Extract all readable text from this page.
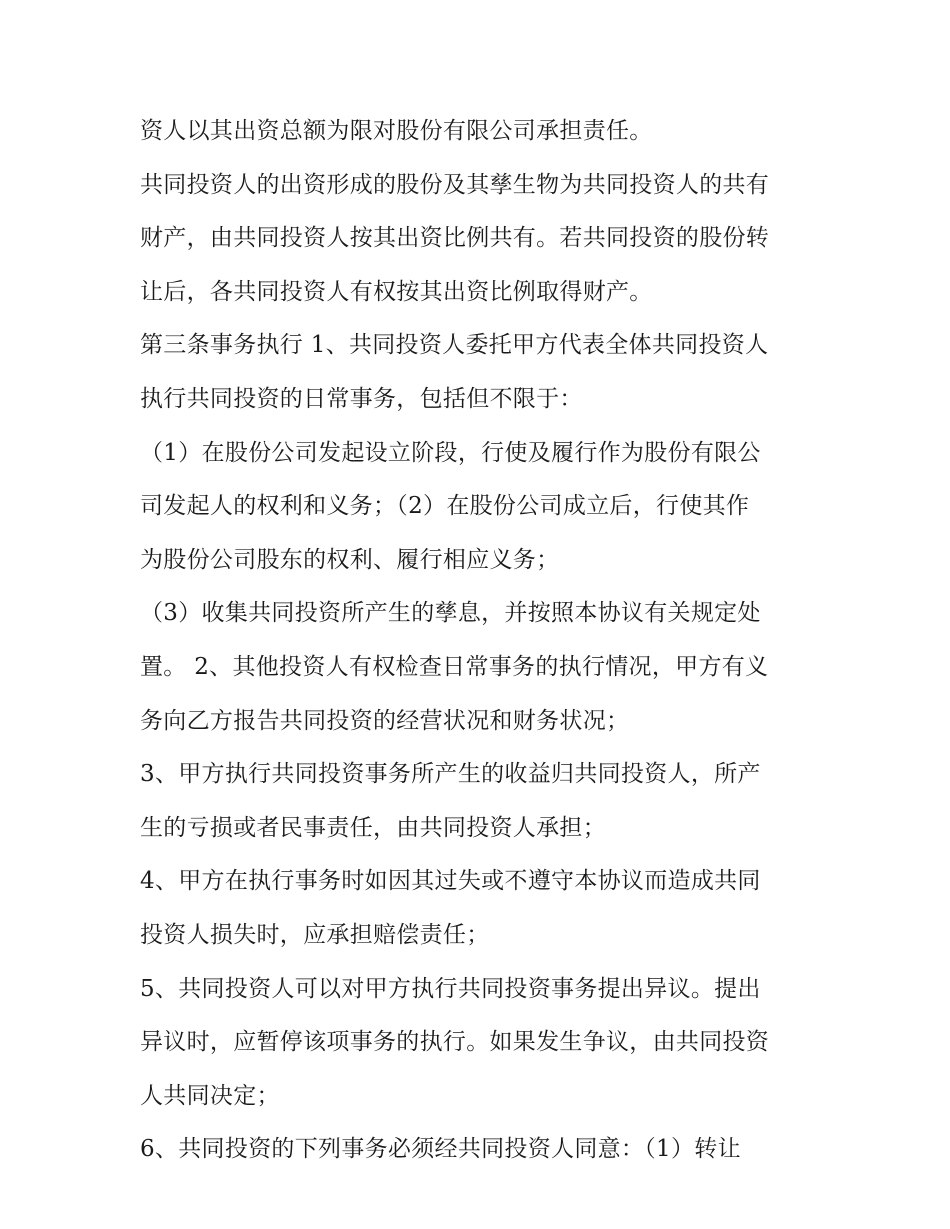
资人以其出资总额为限对股份有限公司承担责任。
共同投资人的出资形成的股份及其孳生物为共同投资人的共有
财产，由共同投资人按其出资比例共有。若共同投资的股份转
让后，各共同投资人有权按其出资比例取得财产。
第三条事务执行 1、共同投资人委托甲方代表全体共同投资人
执行共同投资的日常事务，包括但不限于：
（1）在股份公司发起设立阶段，行使及履行作为股份有限公
司发起人的权利和义务；（2）在股份公司成立后，行使其作
为股份公司股东的权利、履行相应义务；
（3）收集共同投资所产生的孳息，并按照本协议有关规定处
置。 2、其他投资人有权检查日常事务的执行情况，甲方有义
务向乙方报告共同投资的经营状况和财务状况；
3、甲方执行共同投资事务所产生的收益归共同投资人，所产
生的亏损或者民事责任，由共同投资人承担；
4、甲方在执行事务时如因其过失或不遵守本协议而造成共同
投资人损失时，应承担赔偿责任；
5、共同投资人可以对甲方执行共同投资事务提出异议。提出
异议时，应暂停该项事务的执行。如果发生争议，由共同投资
人共同决定；
6、共同投资的下列事务必须经共同投资人同意：（1）转让
